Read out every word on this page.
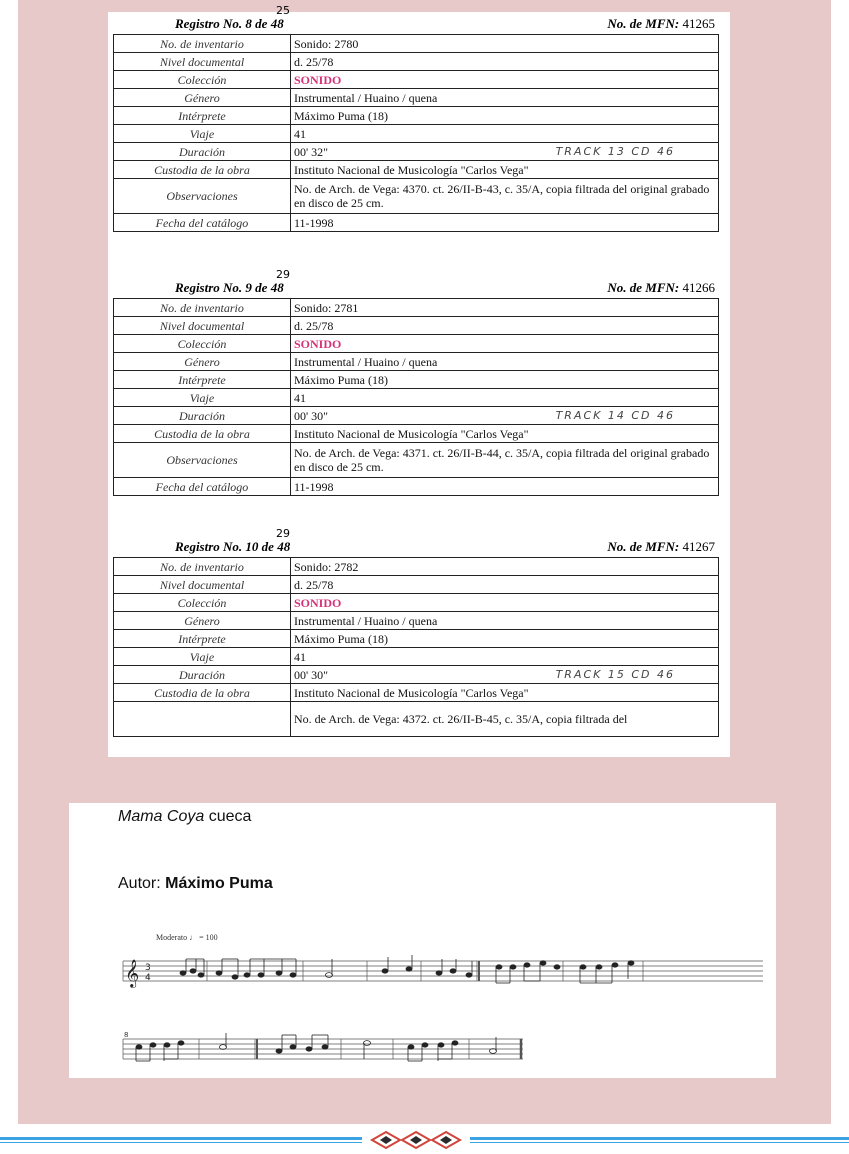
Registro No. 8 de 48
25
No. de MFN: 41265
No. de inventario	Sonido: 2780
Nivel documental	d. 25/78
Colección	SONIDO
Género	Instrumental / Huaino / quena
Intérprete	Máximo Puma (18)
Viaje	41
Duración	00' 32" TRACK 13 CD 46

Custodia de la obra	Instituto Nacional de Musicología "Carlos Vega"
Observaciones	No. de Arch. de Vega: 4370. ct. 26/II-B-43, c. 35/A, copia filtrada del original grabado en disco de 25 cm.
Fecha del catálogo	11-1998
Registro No. 9 de 48
29
No. de MFN: 41266
No. de inventario	Sonido: 2781
Nivel documental	d. 25/78
Colección	SONIDO
Género	Instrumental / Huaino / quena
Intérprete	Máximo Puma (18)
Viaje	41
Duración	00' 30" TRACK 14 CD 46

Custodia de la obra	Instituto Nacional de Musicología "Carlos Vega"
Observaciones	No. de Arch. de Vega: 4371. ct. 26/II-B-44, c. 35/A, copia filtrada del original grabado en disco de 25 cm.
Fecha del catálogo	11-1998
Registro No. 10 de 48
29
No. de MFN: 41267
No. de inventario	Sonido: 2782
Nivel documental	d. 25/78
Colección	SONIDO
Género	Instrumental / Huaino / quena
Intérprete	Máximo Puma (18)
Viaje	41
Duración	00' 30" TRACK 15 CD 46

Custodia de la obra	Instituto Nacional de Musicología "Carlos Vega"
	No. de Arch. de Vega: 4372. ct. 26/II-B-45, c. 35/A, copia filtrada del
Mama Coya cueca
Autor: Máximo Puma
Moderato ♩ = 100
𝄞 3
4
8
